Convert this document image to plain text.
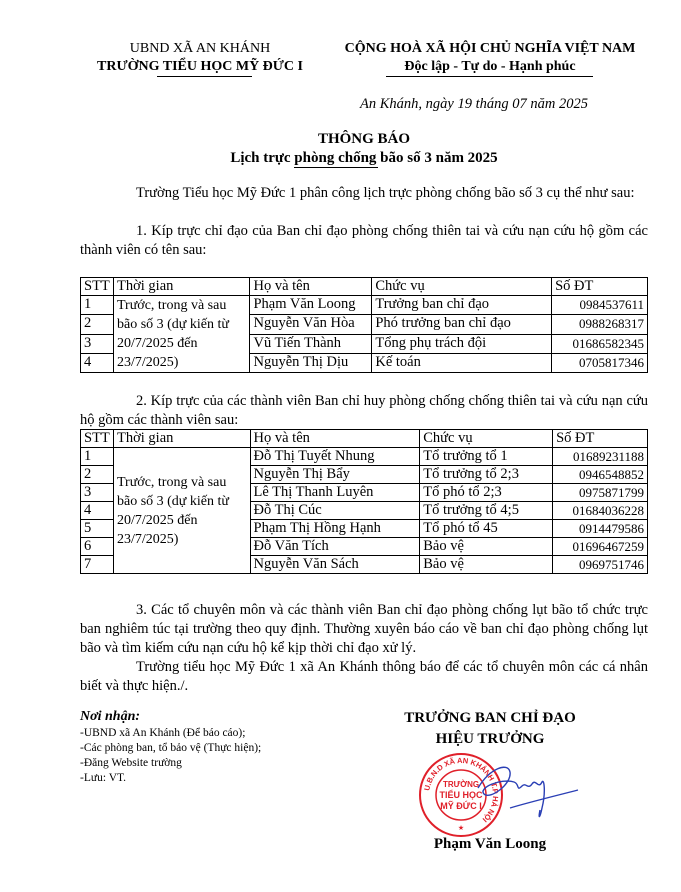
UBND XÃ AN KHÁNH
TRƯỜNG TIỂU HỌC MỸ ĐỨC I
CỘNG HOÀ XÃ HỘI CHỦ NGHĨA VIỆT NAM
Độc lập - Tự do - Hạnh phúc
An Khánh, ngày 19 tháng 07 năm 2025
THÔNG BÁO
Lịch trực phòng chống bão số 3 năm 2025
Trường Tiểu học Mỹ Đức 1 phân công lịch trực phòng chống bão số 3 cụ thể như sau:
1. Kíp trực chỉ đạo của Ban chỉ đạo phòng chống thiên tai và cứu nạn cứu hộ gồm các thành viên có tên sau:
STT	Thời gian	Họ và tên	Chức vụ	Số ĐT
1	Trước, trong và sau bão số 3 (dự kiến từ 20/7/2025 đến 23/7/2025)	Phạm Văn Loong	Trưởng ban chỉ đạo	0984537611
2		Nguyễn Văn Hòa	Phó trưởng ban chỉ đạo	0988268317
3		Vũ Tiến Thành	Tổng phụ trách đội	01686582345
4		Nguyễn Thị Dịu	Kế toán	0705817346
2. Kíp trực của các thành viên Ban chỉ huy phòng chống chống thiên tai và cứu nạn cứu hộ gồm các thành viên sau:
STT	Thời gian	Họ và tên	Chức vụ	Số ĐT
1	Trước, trong và sau bão số 3 (dự kiến từ 20/7/2025 đến 23/7/2025)	Đỗ Thị Tuyết Nhung	Tổ trưởng tổ 1	01689231188
2		Nguyễn Thị Bẩy	Tổ trưởng tổ 2;3	0946548852
3		Lê Thị Thanh Luyên	Tổ phó tổ 2;3	0975871799
4		Đỗ Thị Cúc	Tổ trưởng tổ 4;5	01684036228
5		Phạm Thị Hồng Hạnh	Tổ phó tổ 45	0914479586
6		Đỗ Văn Tích	Bảo vệ	01696467259
7		Nguyễn Văn Sách	Bảo vệ	0969751746
3. Các tổ chuyên môn và các thành viên Ban chỉ đạo phòng chống lụt bão tổ chức trực ban nghiêm túc tại trường theo quy định. Thường xuyên báo cáo về ban chỉ đạo phòng chống lụt bão và tìm kiếm cứu nạn cứu hộ kể kịp thời chỉ đạo xử lý.
Trường tiểu học Mỹ Đức 1 xã An Khánh thông báo để các tổ chuyên môn các cá nhân biết và thực hiện./.
Nơi nhận:
-UBND xã An Khánh (Để báo cáo);
-Các phòng ban, tổ bảo vệ (Thực hiện);
-Đăng Website trường
-Lưu: VT.
TRƯỞNG BAN CHỈ ĐẠO
HIỆU TRƯỞNG
U.B.N.D XÃ AN KHÁNH T.P HÀ NỘI
TRƯỜNG
TIỂU HỌC
MỸ ĐỨC I
★
Phạm Văn Loong
